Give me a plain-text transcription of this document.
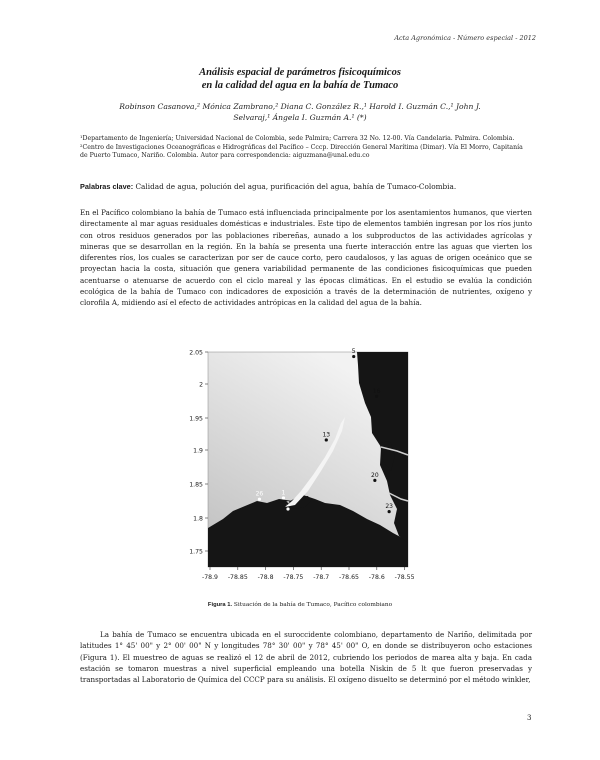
Acta Agronómica - Número especial - 2012
Análisis espacial de parámetros fisicoquímicos
en la calidad del agua en la bahía de Tumaco
Robinson Casanova,² Mónica Zambrano,² Diana C. González R.,¹ Harold I. Guzmán C.,¹ John J.
Selvaraj,¹ Ángela I. Guzmán A.¹ (*)
¹Departamento de Ingeniería; Universidad Nacional de Colombia, sede Palmira; Carrera 32 No. 12-00. Vía Candelaria. Palmira. Colombia. ²Centro de Investigaciones Oceanográficas e Hidrográficas del Pacífico – Cccp. Dirección General Marítima (Dimar). Vía El Morro, Capitanía de Puerto Tumaco, Nariño. Colombia. Autor para correspondencia: aiguzmana@unal.edu.co
Palabras clave: Calidad de agua, polución del agua, purificación del agua, bahía de Tumaco-Colombia.
En el Pacífico colombiano la bahía de Tumaco está influenciada principalmente por los asentamientos humanos, que vierten directamente al mar aguas residuales domésticas e industriales. Este tipo de elementos también ingresan por los ríos junto con otros residuos generados por las poblaciones ribereñas, aunado a los subproductos de las actividades agrícolas y mineras que se desarrollan en la región. En la bahía se presenta una fuerte interacción entre las aguas que vierten los diferentes ríos, los cuales se caracterizan por ser de cauce corto, pero caudalosos, y las aguas de origen oceánico que se proyectan hacia la costa, situación que genera variabilidad permanente de las condiciones fisicoquímicas que pueden acentuarse o atenuarse de acuerdo con el ciclo mareal y las épocas climáticas. En el estudio se evalúa la condición ecológica de la bahía de Tumaco con indicadores de exposición a través de la determinación de nutrientes, oxígeno y clorofila A, midiendo así el efecto de actividades antrópicas en la calidad del agua de la bahía.
2.05
2
1.95
1.9
1.85
1.8
1.75
-78.9 -78.85 -78.8 -78.75 -78.7 -78.65 -78.6 -78.55
5
16
13
20
23
26	1
3
Figura 1. Situación de la bahía de Tumaco, Pacífico colombiano
La bahía de Tumaco se encuentra ubicada en el suroccidente colombiano, departamento de Nariño, delimitada por latitudes 1° 45' 00" y 2° 00' 00" N y longitudes 78° 30' 00" y 78° 45' 00" O, en donde se distribuyeron ocho estaciones (Figura 1). El muestreo de aguas se realizó el 12 de abril de 2012, cubriendo los periodos de marea alta y baja. En cada estación se tomaron muestras a nivel superficial empleando una botella Niskin de 5 lt que fueron preservadas y transportadas al Laboratorio de Química del CCCP para su análisis. El oxígeno disuelto se determinó por el método winkler,
3
